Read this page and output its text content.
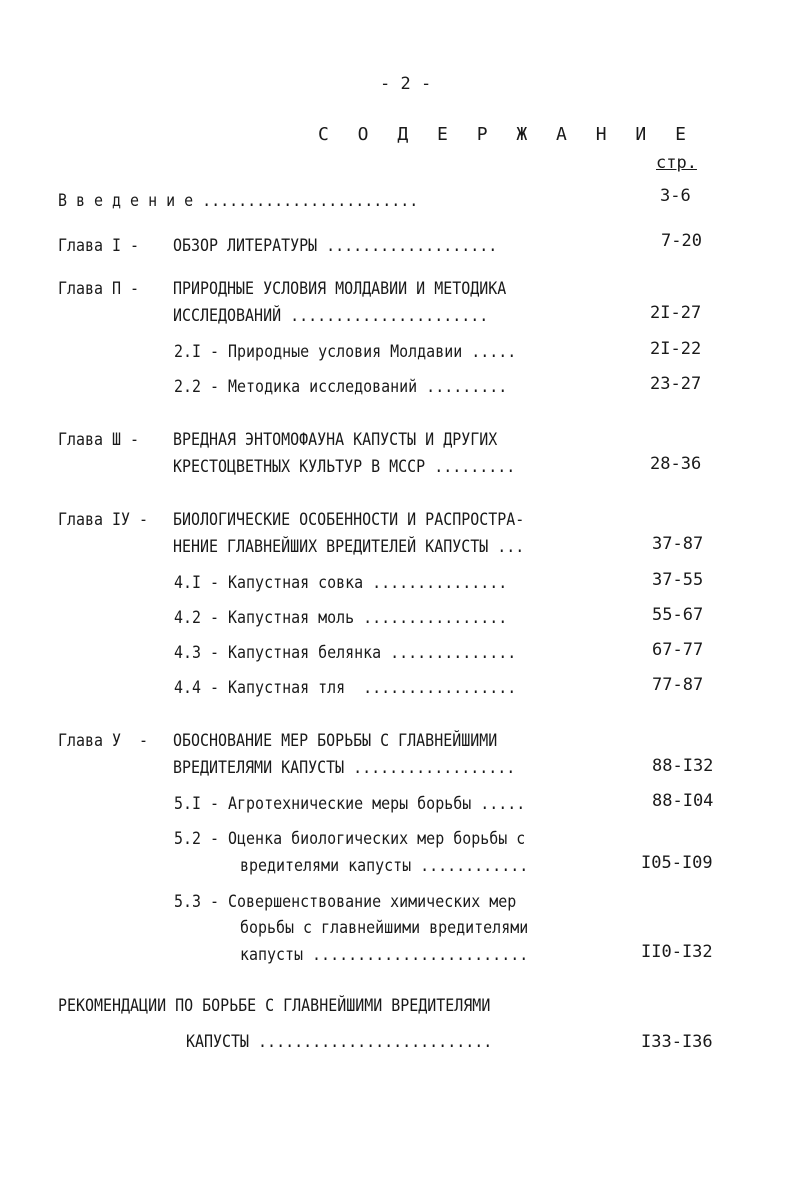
- 2 -
С О Д Е Р Ж А Н И Е
стр.
В в е д е н и е ........................	3-6
Глава I - ОБЗОР ЛИТЕРАТУРЫ ...................	7-20
Глава П - ПРИРОДНЫЕ УСЛОВИЯ МОЛДАВИИ И МЕТОДИКА
ИССЛЕДОВАНИЙ ......................	2I-27
2.I - Природные условия Молдавии .....	2I-22
2.2 - Методика исследований .........	23-27
Глава Ш - ВРЕДНАЯ ЭНТОМОФАУНА КАПУСТЫ И ДРУГИХ
КРЕСТОЦВЕТНЫХ КУЛЬТУР В МССР .........	28-36
Глава IУ - БИОЛОГИЧЕСКИЕ ОСОБЕННОСТИ И РАСПРОСТРА-
НЕНИЕ ГЛАВНЕЙШИХ ВРЕДИТЕЛЕЙ КАПУСТЫ ...	37-87
4.I - Капустная совка ...............	37-55
4.2 - Капустная моль ................	55-67
4.3 - Капустная белянка ..............	67-77
4.4 - Капустная тля  .................	77-87
Глава У  - ОБОСНОВАНИЕ МЕР БОРЬБЫ С ГЛАВНЕЙШИМИ
ВРЕДИТЕЛЯМИ КАПУСТЫ ..................	88-I32
5.I - Агротехнические меры борьбы .....	88-I04
5.2 - Оценка биологических мер борьбы с
вредителями капусты ............	I05-I09
5.3 - Совершенствование химических мер
борьбы с главнейшими вредителями
капусты ........................	II0-I32
РЕКОМЕНДАЦИИ ПО БОРЬБЕ С ГЛАВНЕЙШИМИ ВРЕДИТЕЛЯМИ
КАПУСТЫ ..........................	I33-I36
